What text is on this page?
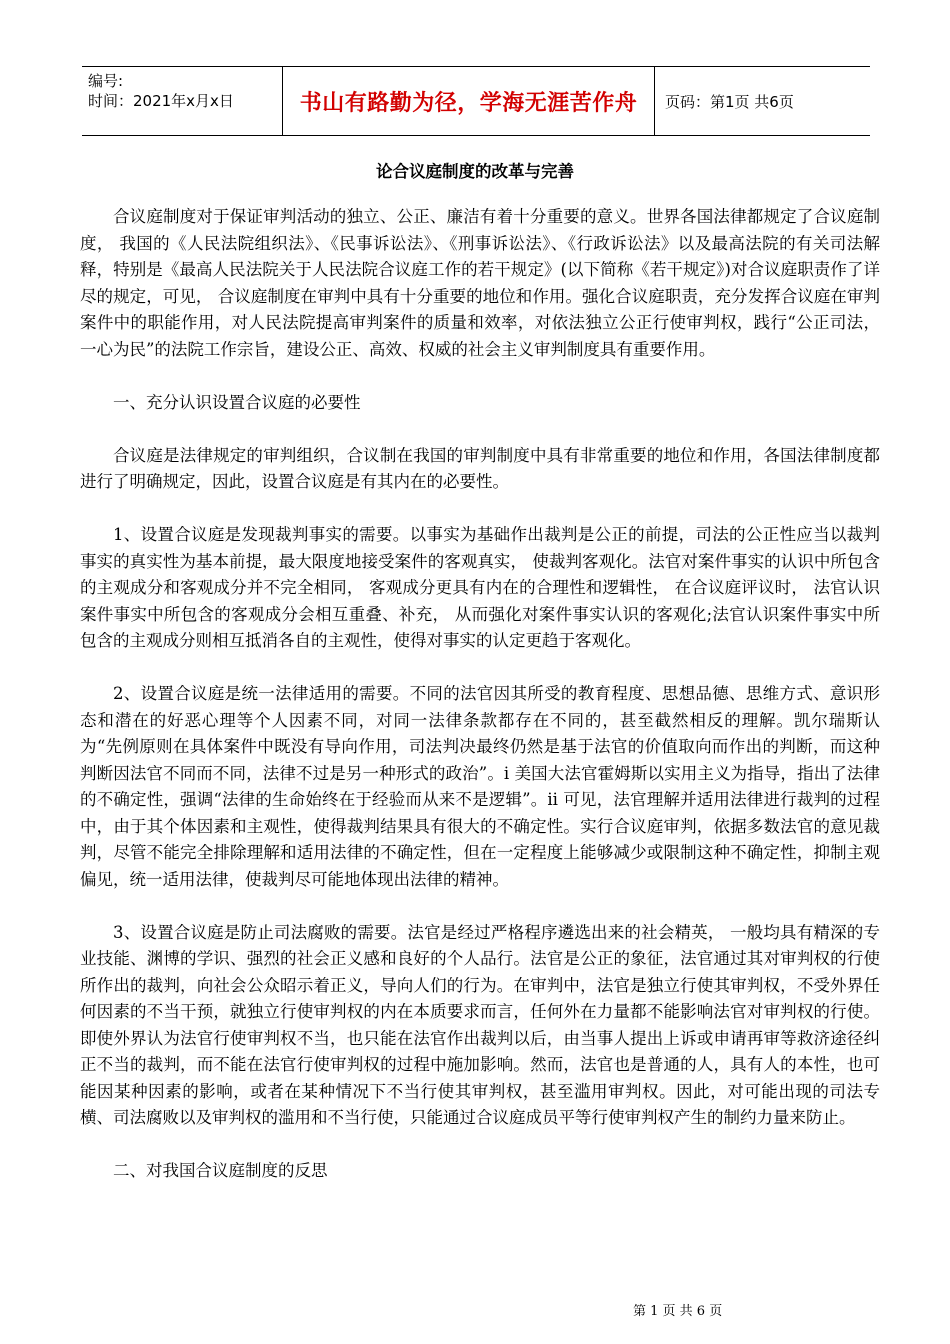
编号:
时间：2021年x月x日	书山有路勤为径，学海无涯苦作舟	页码：第1页 共6页
论合议庭制度的改革与完善

合议庭制度对于保证审判活动的独立、公正、廉洁有着十分重要的意义。世界各国法律都规定了合议庭制度， 我国的《人民法院组织法》、《民事诉讼法》、《刑事诉讼法》、《行政诉讼法》以及最高法院的有关司法解释，特别是《最高人民法院关于人民法院合议庭工作的若干规定》(以下简称《若干规定》)对合议庭职责作了详尽的规定，可见， 合议庭制度在审判中具有十分重要的地位和作用。强化合议庭职责，充分发挥合议庭在审判案件中的职能作用，对人民法院提高审判案件的质量和效率，对依法独立公正行使审判权，践行“公正司法，一心为民”的法院工作宗旨，建设公正、高效、权威的社会主义审判制度具有重要作用。

一、充分认识设置合议庭的必要性

合议庭是法律规定的审判组织，合议制在我国的审判制度中具有非常重要的地位和作用，各国法律制度都进行了明确规定，因此，设置合议庭是有其内在的必要性。

1、设置合议庭是发现裁判事实的需要。以事实为基础作出裁判是公正的前提，司法的公正性应当以裁判事实的真实性为基本前提，最大限度地接受案件的客观真实， 使裁判客观化。法官对案件事实的认识中所包含的主观成分和客观成分并不完全相同， 客观成分更具有内在的合理性和逻辑性， 在合议庭评议时， 法官认识案件事实中所包含的客观成分会相互重叠、补充， 从而强化对案件事实认识的客观化;法官认识案件事实中所包含的主观成分则相互抵消各自的主观性，使得对事实的认定更趋于客观化。

2、设置合议庭是统一法律适用的需要。不同的法官因其所受的教育程度、思想品德、思维方式、意识形态和潜在的好恶心理等个人因素不同，对同一法律条款都存在不同的，甚至截然相反的理解。凯尔瑞斯认为“先例原则在具体案件中既没有导向作用，司法判决最终仍然是基于法官的价值取向而作出的判断，而这种判断因法官不同而不同，法律不过是另一种形式的政治”。i 美国大法官霍姆斯以实用主义为指导，指出了法律的不确定性，强调“法律的生命始终在于经验而从来不是逻辑”。ii 可见，法官理解并适用法律进行裁判的过程中，由于其个体因素和主观性，使得裁判结果具有很大的不确定性。实行合议庭审判，依据多数法官的意见裁判，尽管不能完全排除理解和适用法律的不确定性，但在一定程度上能够减少或限制这种不确定性，抑制主观偏见，统一适用法律，使裁判尽可能地体现出法律的精神。

3、设置合议庭是防止司法腐败的需要。法官是经过严格程序遴选出来的社会精英， 一般均具有精深的专业技能、渊博的学识、强烈的社会正义感和良好的个人品行。法官是公正的象征，法官通过其对审判权的行使所作出的裁判，向社会公众昭示着正义，导向人们的行为。在审判中，法官是独立行使其审判权，不受外界任何因素的不当干预，就独立行使审判权的内在本质要求而言，任何外在力量都不能影响法官对审判权的行使。即使外界认为法官行使审判权不当，也只能在法官作出裁判以后，由当事人提出上诉或申请再审等救济途径纠正不当的裁判，而不能在法官行使审判权的过程中施加影响。然而，法官也是普通的人，具有人的本性，也可能因某种因素的影响，或者在某种情况下不当行使其审判权，甚至滥用审判权。因此，对可能出现的司法专横、司法腐败以及审判权的滥用和不当行使，只能通过合议庭成员平等行使审判权产生的制约力量来防止。

二、对我国合议庭制度的反思

第 1 页 共 6 页
